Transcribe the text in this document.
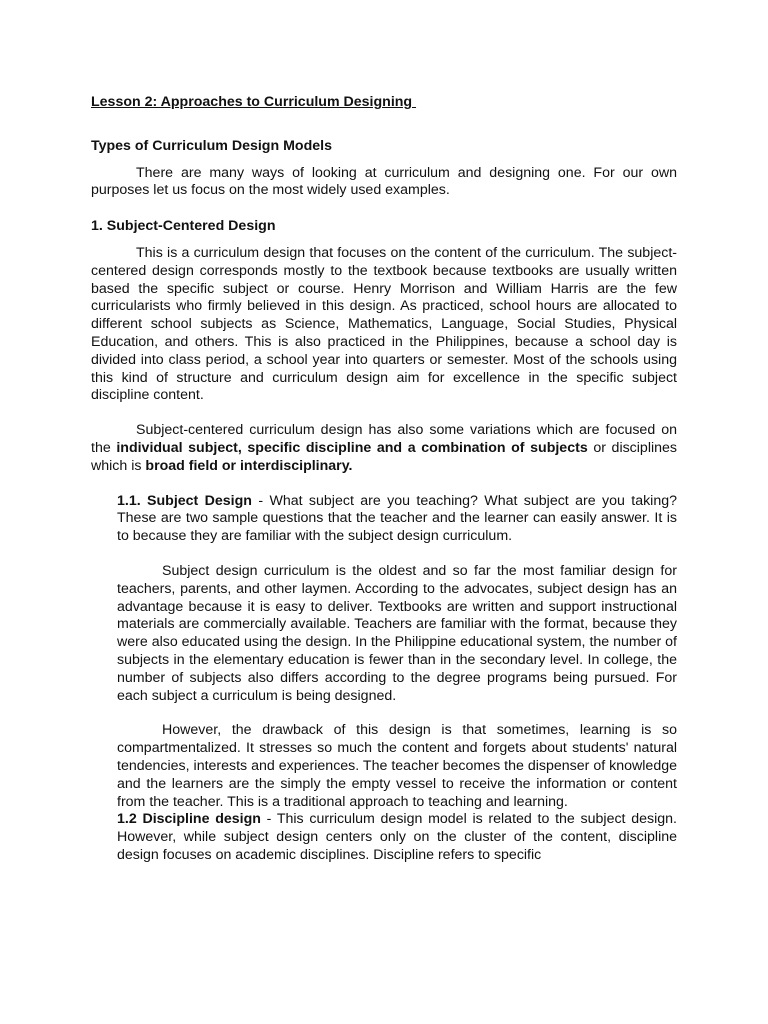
Lesson 2: Approaches to Curriculum Designing

Types of Curriculum Design Models

There are many ways of looking at curriculum and designing one. For our own purposes let us focus on the most widely used examples.

1. Subject-Centered Design

This is a curriculum design that focuses on the content of the curriculum. The subject-centered design corresponds mostly to the textbook because textbooks are usually written based the specific subject or course. Henry Morrison and William Harris are the few curricularists who firmly believed in this design. As practiced, school hours are allocated to different school subjects as Science, Mathematics, Language, Social Studies, Physical Education, and others. This is also practiced in the Philippines, because a school day is divided into class period, a school year into quarters or semester. Most of the schools using this kind of structure and curriculum design aim for excellence in the specific subject discipline content.

Subject-centered curriculum design has also some variations which are focused on the individual subject, specific discipline and a combination of subjects or disciplines which is broad field or interdisciplinary.

1.1. Subject Design - What subject are you teaching? What subject are you taking? These are two sample questions that the teacher and the learner can easily answer. It is to because they are familiar with the subject design curriculum.

Subject design curriculum is the oldest and so far the most familiar design for teachers, parents, and other laymen. According to the advocates, subject design has an advantage because it is easy to deliver. Textbooks are written and support instructional materials are commercially available. Teachers are familiar with the format, because they were also educated using the design. In the Philippine educational system, the number of subjects in the elementary education is fewer than in the secondary level. In college, the number of subjects also differs according to the degree programs being pursued. For each subject a curriculum is being designed.

However, the drawback of this design is that sometimes, learning is so compartmentalized. It stresses so much the content and forgets about students' natural tendencies, interests and experiences. The teacher becomes the dispenser of knowledge and the learners are the simply the empty vessel to receive the information or content from the teacher. This is a traditional approach to teaching and learning.

1.2 Discipline design - This curriculum design model is related to the subject design. However, while subject design centers only on the cluster of the content, discipline design focuses on academic disciplines. Discipline refers to specific
